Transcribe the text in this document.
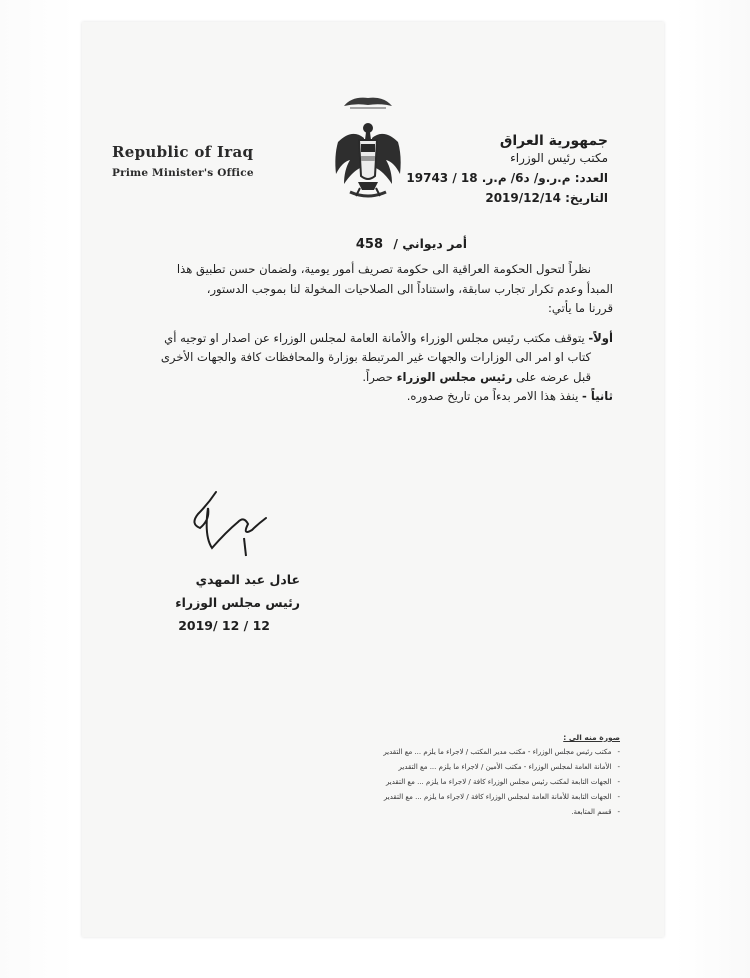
Republic of Iraq
Prime Minister's Office
جمهورية العراق
مكتب رئيس الوزراء
العدد: م.ر.و/ د6/ م.ر. 18 / 19743
التاريخ: 2019/12/14
أمر ديواني / 458

نظراً لتحول الحكومة العراقية الى حكومة تصريف أمور يومية، ولضمان حسن تطبيق هذا

المبدأ وعدم تكرار تجارب سابقة، واستناداً الى الصلاحيات المخولة لنا بموجب الدستور،

قررنا ما يأتي:

أولاً- يتوقف مكتب رئيس مجلس الوزراء والأمانة العامة لمجلس الوزراء عن اصدار او توجيه أي

كتاب او امر الى الوزارات والجهات غير المرتبطة بوزارة والمحافظات كافة والجهات الأخرى

قبل عرضه على رئيس مجلس الوزراء حصراً.

ثانياً - ينفذ هذا الامر بدءاً من تاريخ صدوره.

عادل عبد المهدي
رئيس مجلس الوزراء
2019/ 12 / 12
صورة منه الى :
-مكتب رئيس مجلس الوزراء - مكتب مدير المكتب / لاجراء ما يلزم ... مع التقدير
-الأمانة العامة لمجلس الوزراء - مكتب الأمين / لاجراء ما يلزم ... مع التقدير
-الجهات التابعة لمكتب رئيس مجلس الوزراء كافة / لاجراء ما يلزم ... مع التقدير
-الجهات التابعة للأمانة العامة لمجلس الوزراء كافة / لاجراء ما يلزم ... مع التقدير
-قسم المتابعة.
